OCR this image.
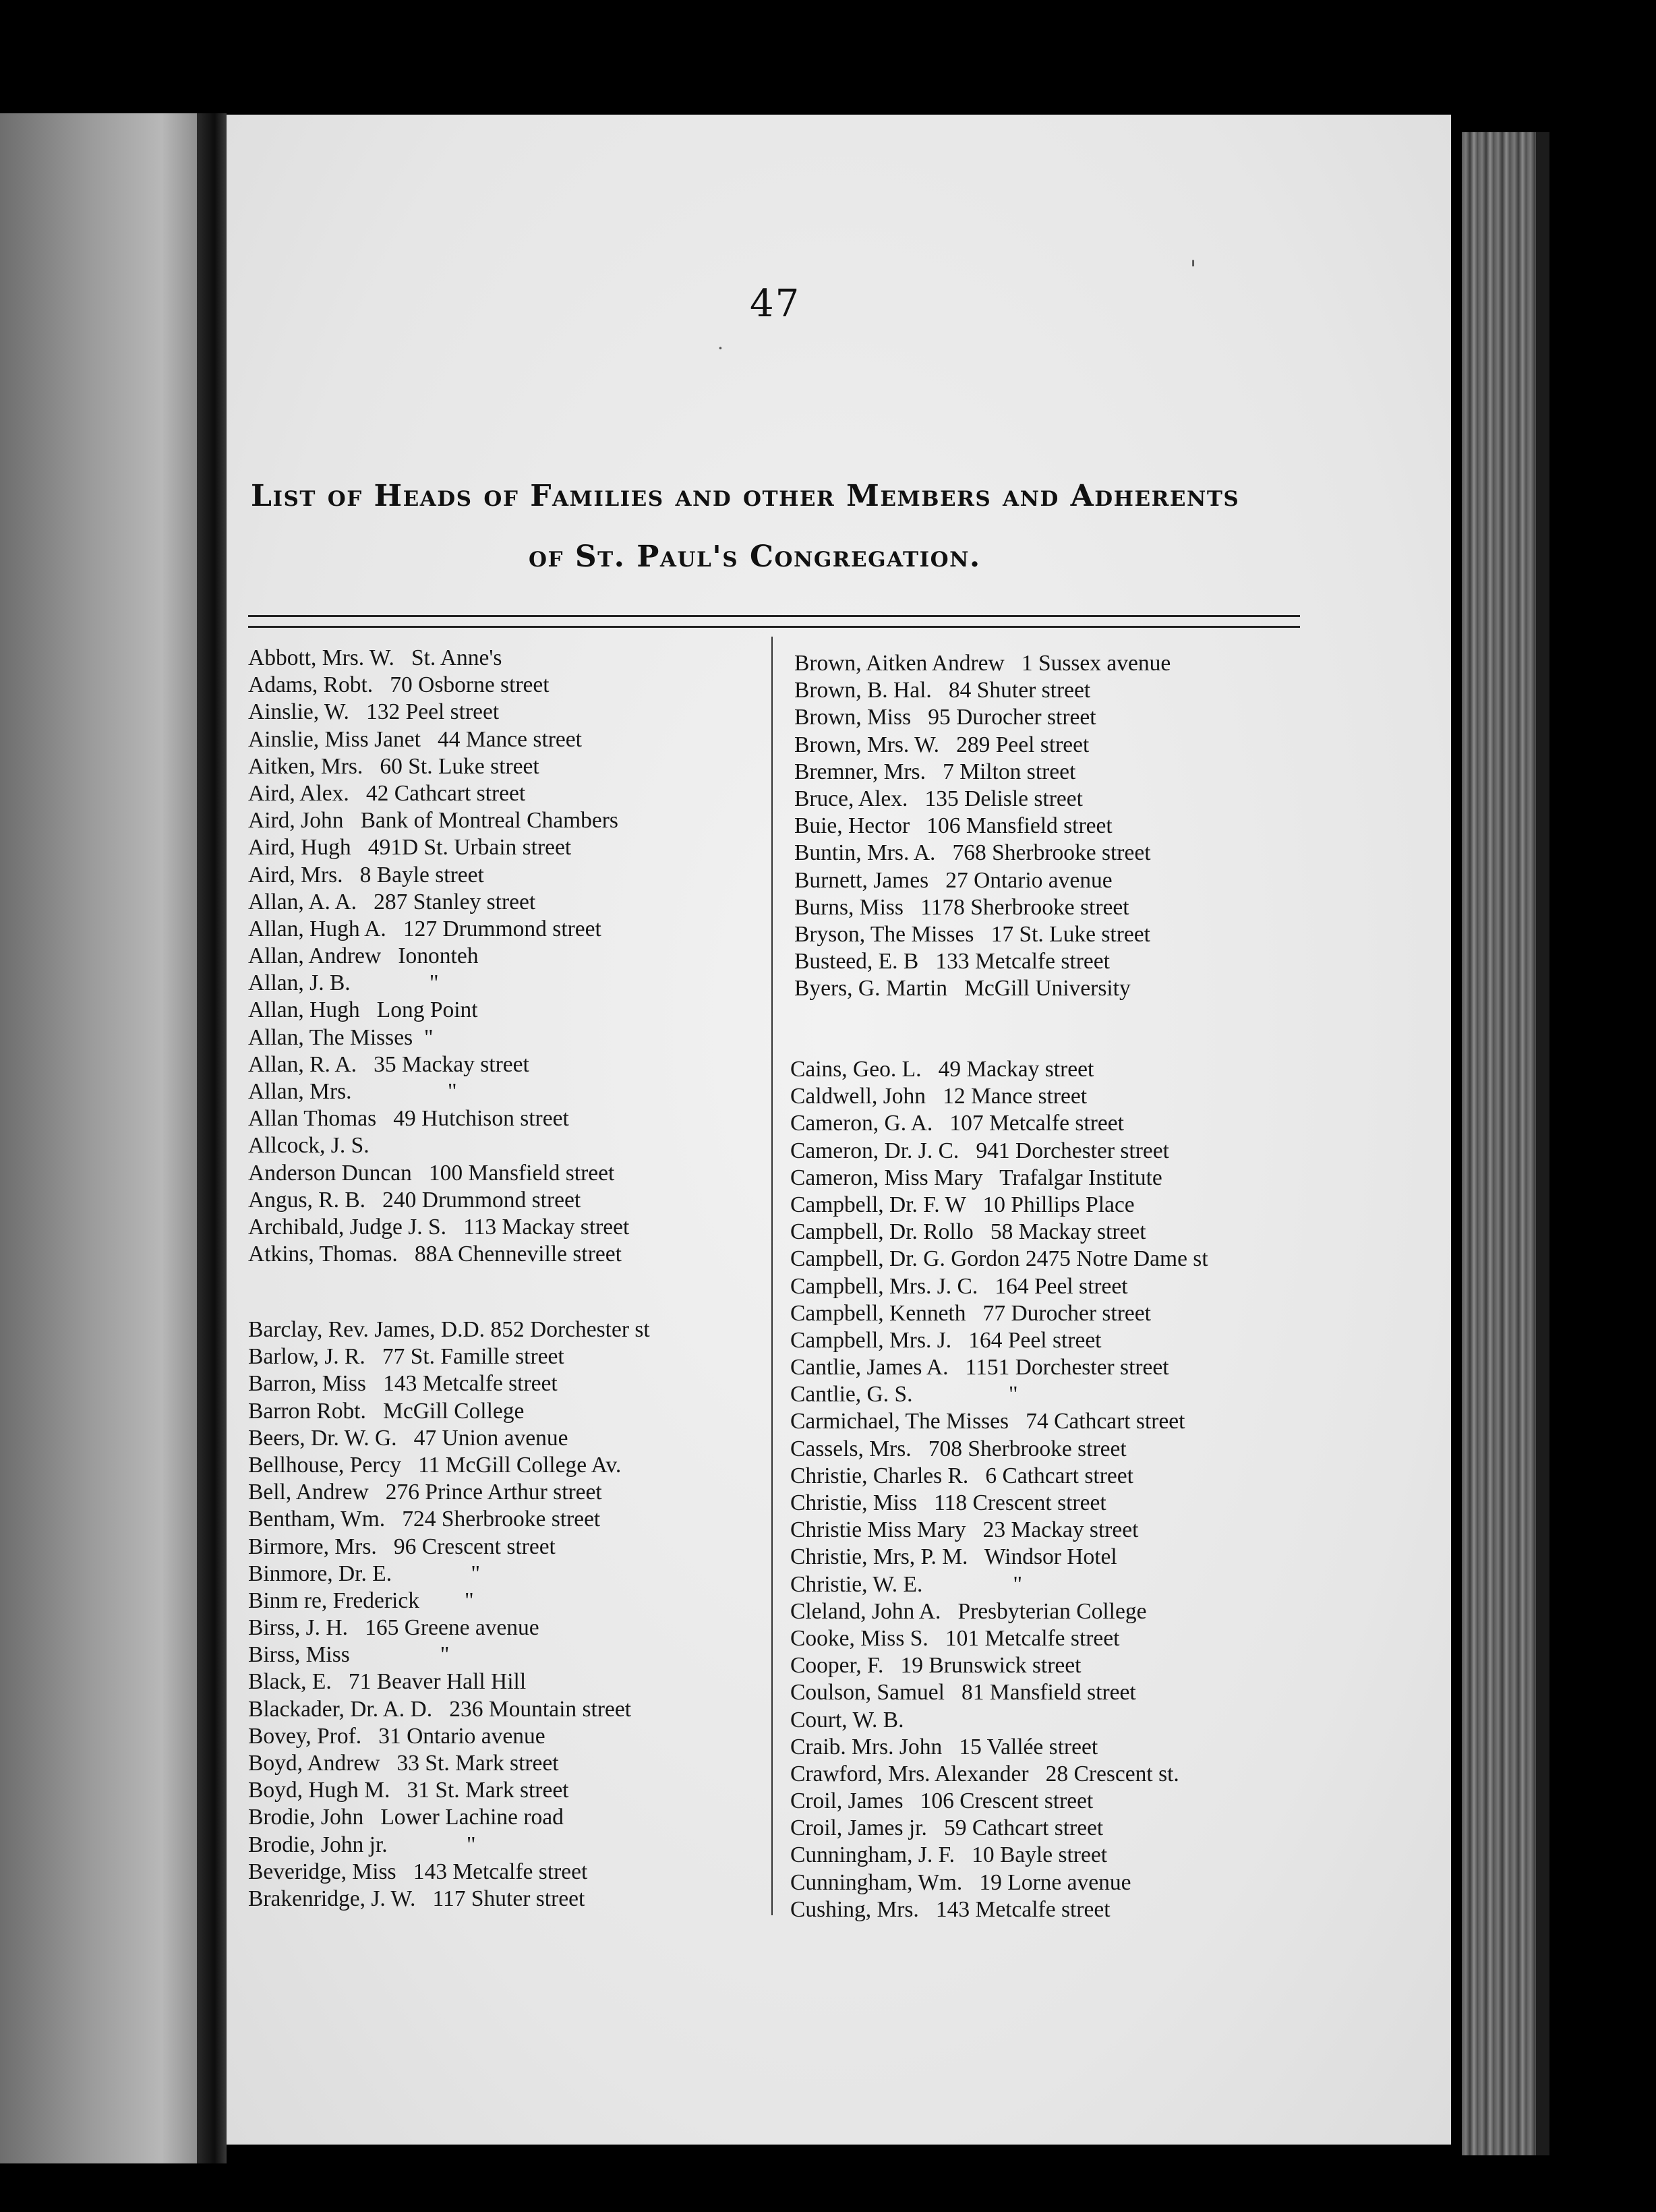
47
List of Heads of Families and other Members and Adherents
of St. Paul's Congregation.
Abbott, Mrs. W.   St. Anne's
Adams, Robt.   70 Osborne street
Ainslie, W.   132 Peel street
Ainslie, Miss Janet   44 Mance street
Aitken, Mrs.   60 St. Luke street
Aird, Alex.   42 Cathcart street
Aird, John   Bank of Montreal Chambers
Aird, Hugh   491D St. Urbain street
Aird, Mrs.   8 Bayle street
Allan, A. A.   287 Stanley street
Allan, Hugh A.   127 Drummond street
Allan, Andrew   Iononteh
Allan, J. B.              "
Allan, Hugh   Long Point
Allan, The Misses  "
Allan, R. A.   35 Mackay street
Allan, Mrs.                 "
Allan Thomas   49 Hutchison street
Allcock, J. S.
Anderson Duncan   100 Mansfield street
Angus, R. B.   240 Drummond street
Archibald, Judge J. S.   113 Mackay street
Atkins, Thomas.   88A Chenneville street
Barclay, Rev. James, D.D. 852 Dorchester st
Barlow, J. R.   77 St. Famille street
Barron, Miss   143 Metcalfe street
Barron Robt.   McGill College
Beers, Dr. W. G.   47 Union avenue
Bellhouse, Percy   11 McGill College Av.
Bell, Andrew   276 Prince Arthur street
Bentham, Wm.   724 Sherbrooke street
Birmore, Mrs.   96 Crescent street
Binmore, Dr. E.              "
Binm re, Frederick        "
Birss, J. H.   165 Greene avenue
Birss, Miss                "
Black, E.   71 Beaver Hall Hill
Blackader, Dr. A. D.   236 Mountain street
Bovey, Prof.   31 Ontario avenue
Boyd, Andrew   33 St. Mark street
Boyd, Hugh M.   31 St. Mark street
Brodie, John   Lower Lachine road
Brodie, John jr.              "
Beveridge, Miss   143 Metcalfe street
Brakenridge, J. W.   117 Shuter street
Brown, Aitken Andrew   1 Sussex avenue
Brown, B. Hal.   84 Shuter street
Brown, Miss   95 Durocher street
Brown, Mrs. W.   289 Peel street
Bremner, Mrs.   7 Milton street
Bruce, Alex.   135 Delisle street
Buie, Hector   106 Mansfield street
Buntin, Mrs. A.   768 Sherbrooke street
Burnett, James   27 Ontario avenue
Burns, Miss   1178 Sherbrooke street
Bryson, The Misses   17 St. Luke street
Busteed, E. B   133 Metcalfe street
Byers, G. Martin   McGill University
Cains, Geo. L.   49 Mackay street
Caldwell, John   12 Mance street
Cameron, G. A.   107 Metcalfe street
Cameron, Dr. J. C.   941 Dorchester street
Cameron, Miss Mary   Trafalgar Institute
Campbell, Dr. F. W   10 Phillips Place
Campbell, Dr. Rollo   58 Mackay street
Campbell, Dr. G. Gordon 2475 Notre Dame st
Campbell, Mrs. J. C.   164 Peel street
Campbell, Kenneth   77 Durocher street
Campbell, Mrs. J.   164 Peel street
Cantlie, James A.   1151 Dorchester street
Cantlie, G. S.                 "
Carmichael, The Misses   74 Cathcart street
Cassels, Mrs.   708 Sherbrooke street
Christie, Charles R.   6 Cathcart street
Christie, Miss   118 Crescent street
Christie Miss Mary   23 Mackay street
Christie, Mrs, P. M.   Windsor Hotel
Christie, W. E.                "
Cleland, John A.   Presbyterian College
Cooke, Miss S.   101 Metcalfe street
Cooper, F.   19 Brunswick street
Coulson, Samuel   81 Mansfield street
Court, W. B.
Craib. Mrs. John   15 Vallée street
Crawford, Mrs. Alexander   28 Crescent st.
Croil, James   106 Crescent street
Croil, James jr.   59 Cathcart street
Cunningham, J. F.   10 Bayle street
Cunningham, Wm.   19 Lorne avenue
Cushing, Mrs.   143 Metcalfe street
ˈ
·
